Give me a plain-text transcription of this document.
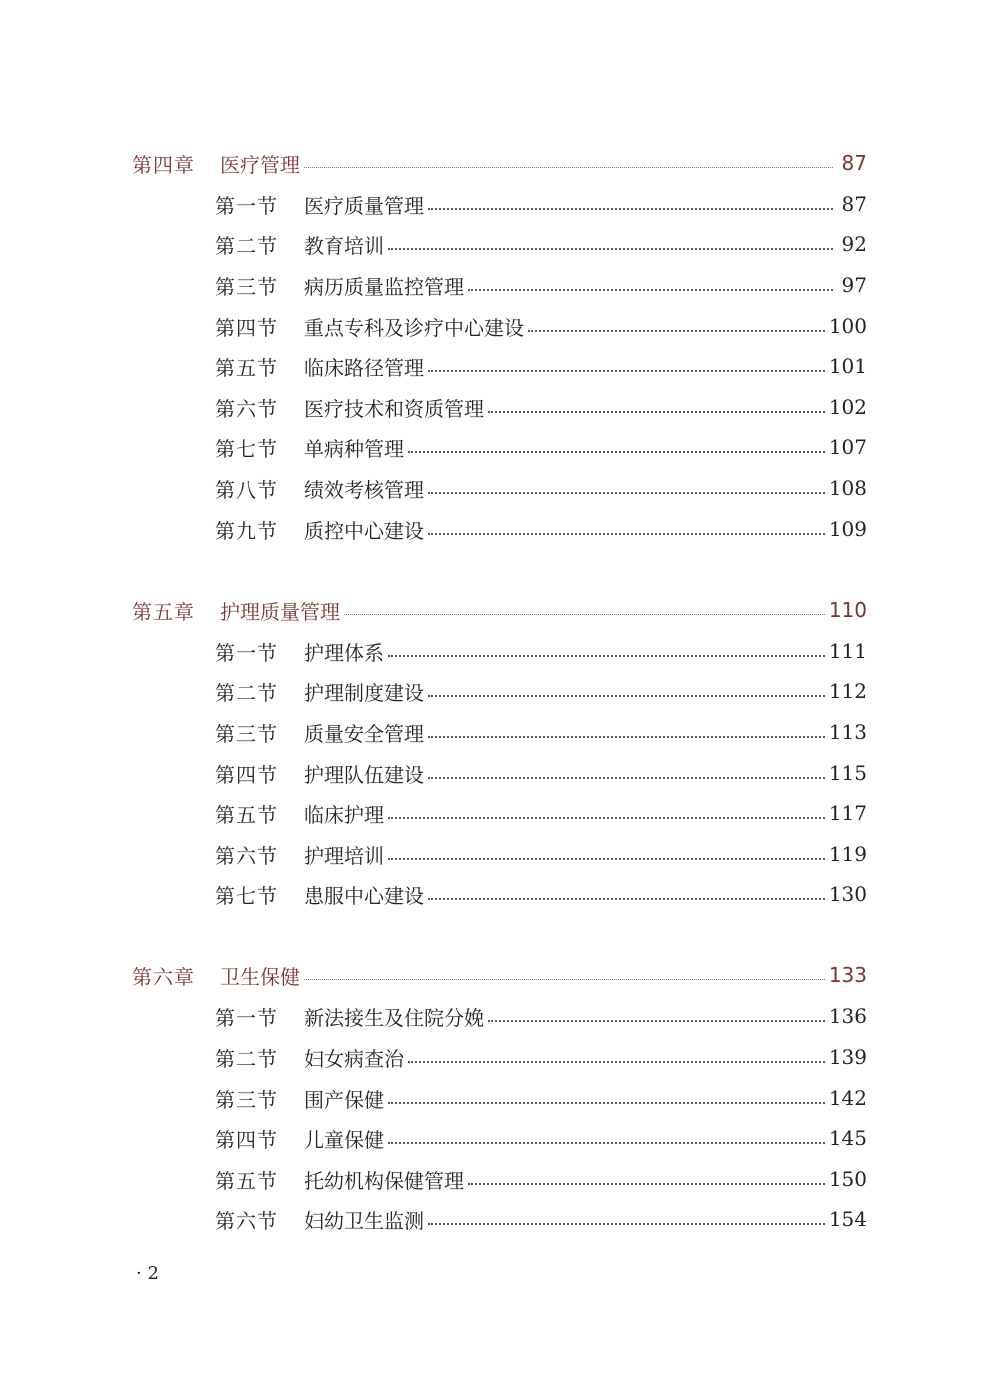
第四章	医疗管理	87
第一节	医疗质量管理	87
第二节	教育培训	92
第三节	病历质量监控管理	97
第四节	重点专科及诊疗中心建设	100
第五节	临床路径管理	101
第六节	医疗技术和资质管理	102
第七节	单病种管理	107
第八节	绩效考核管理	108
第九节	质控中心建设	109
第五章	护理质量管理	110
第一节	护理体系	111
第二节	护理制度建设	112
第三节	质量安全管理	113
第四节	护理队伍建设	115
第五节	临床护理	117
第六节	护理培训	119
第七节	患服中心建设	130
第六章	卫生保健	133
第一节	新法接生及住院分娩	136
第二节	妇女病查治	139
第三节	围产保健	142
第四节	儿童保健	145
第五节	托幼机构保健管理	150
第六节	妇幼卫生监测	154
· 2
